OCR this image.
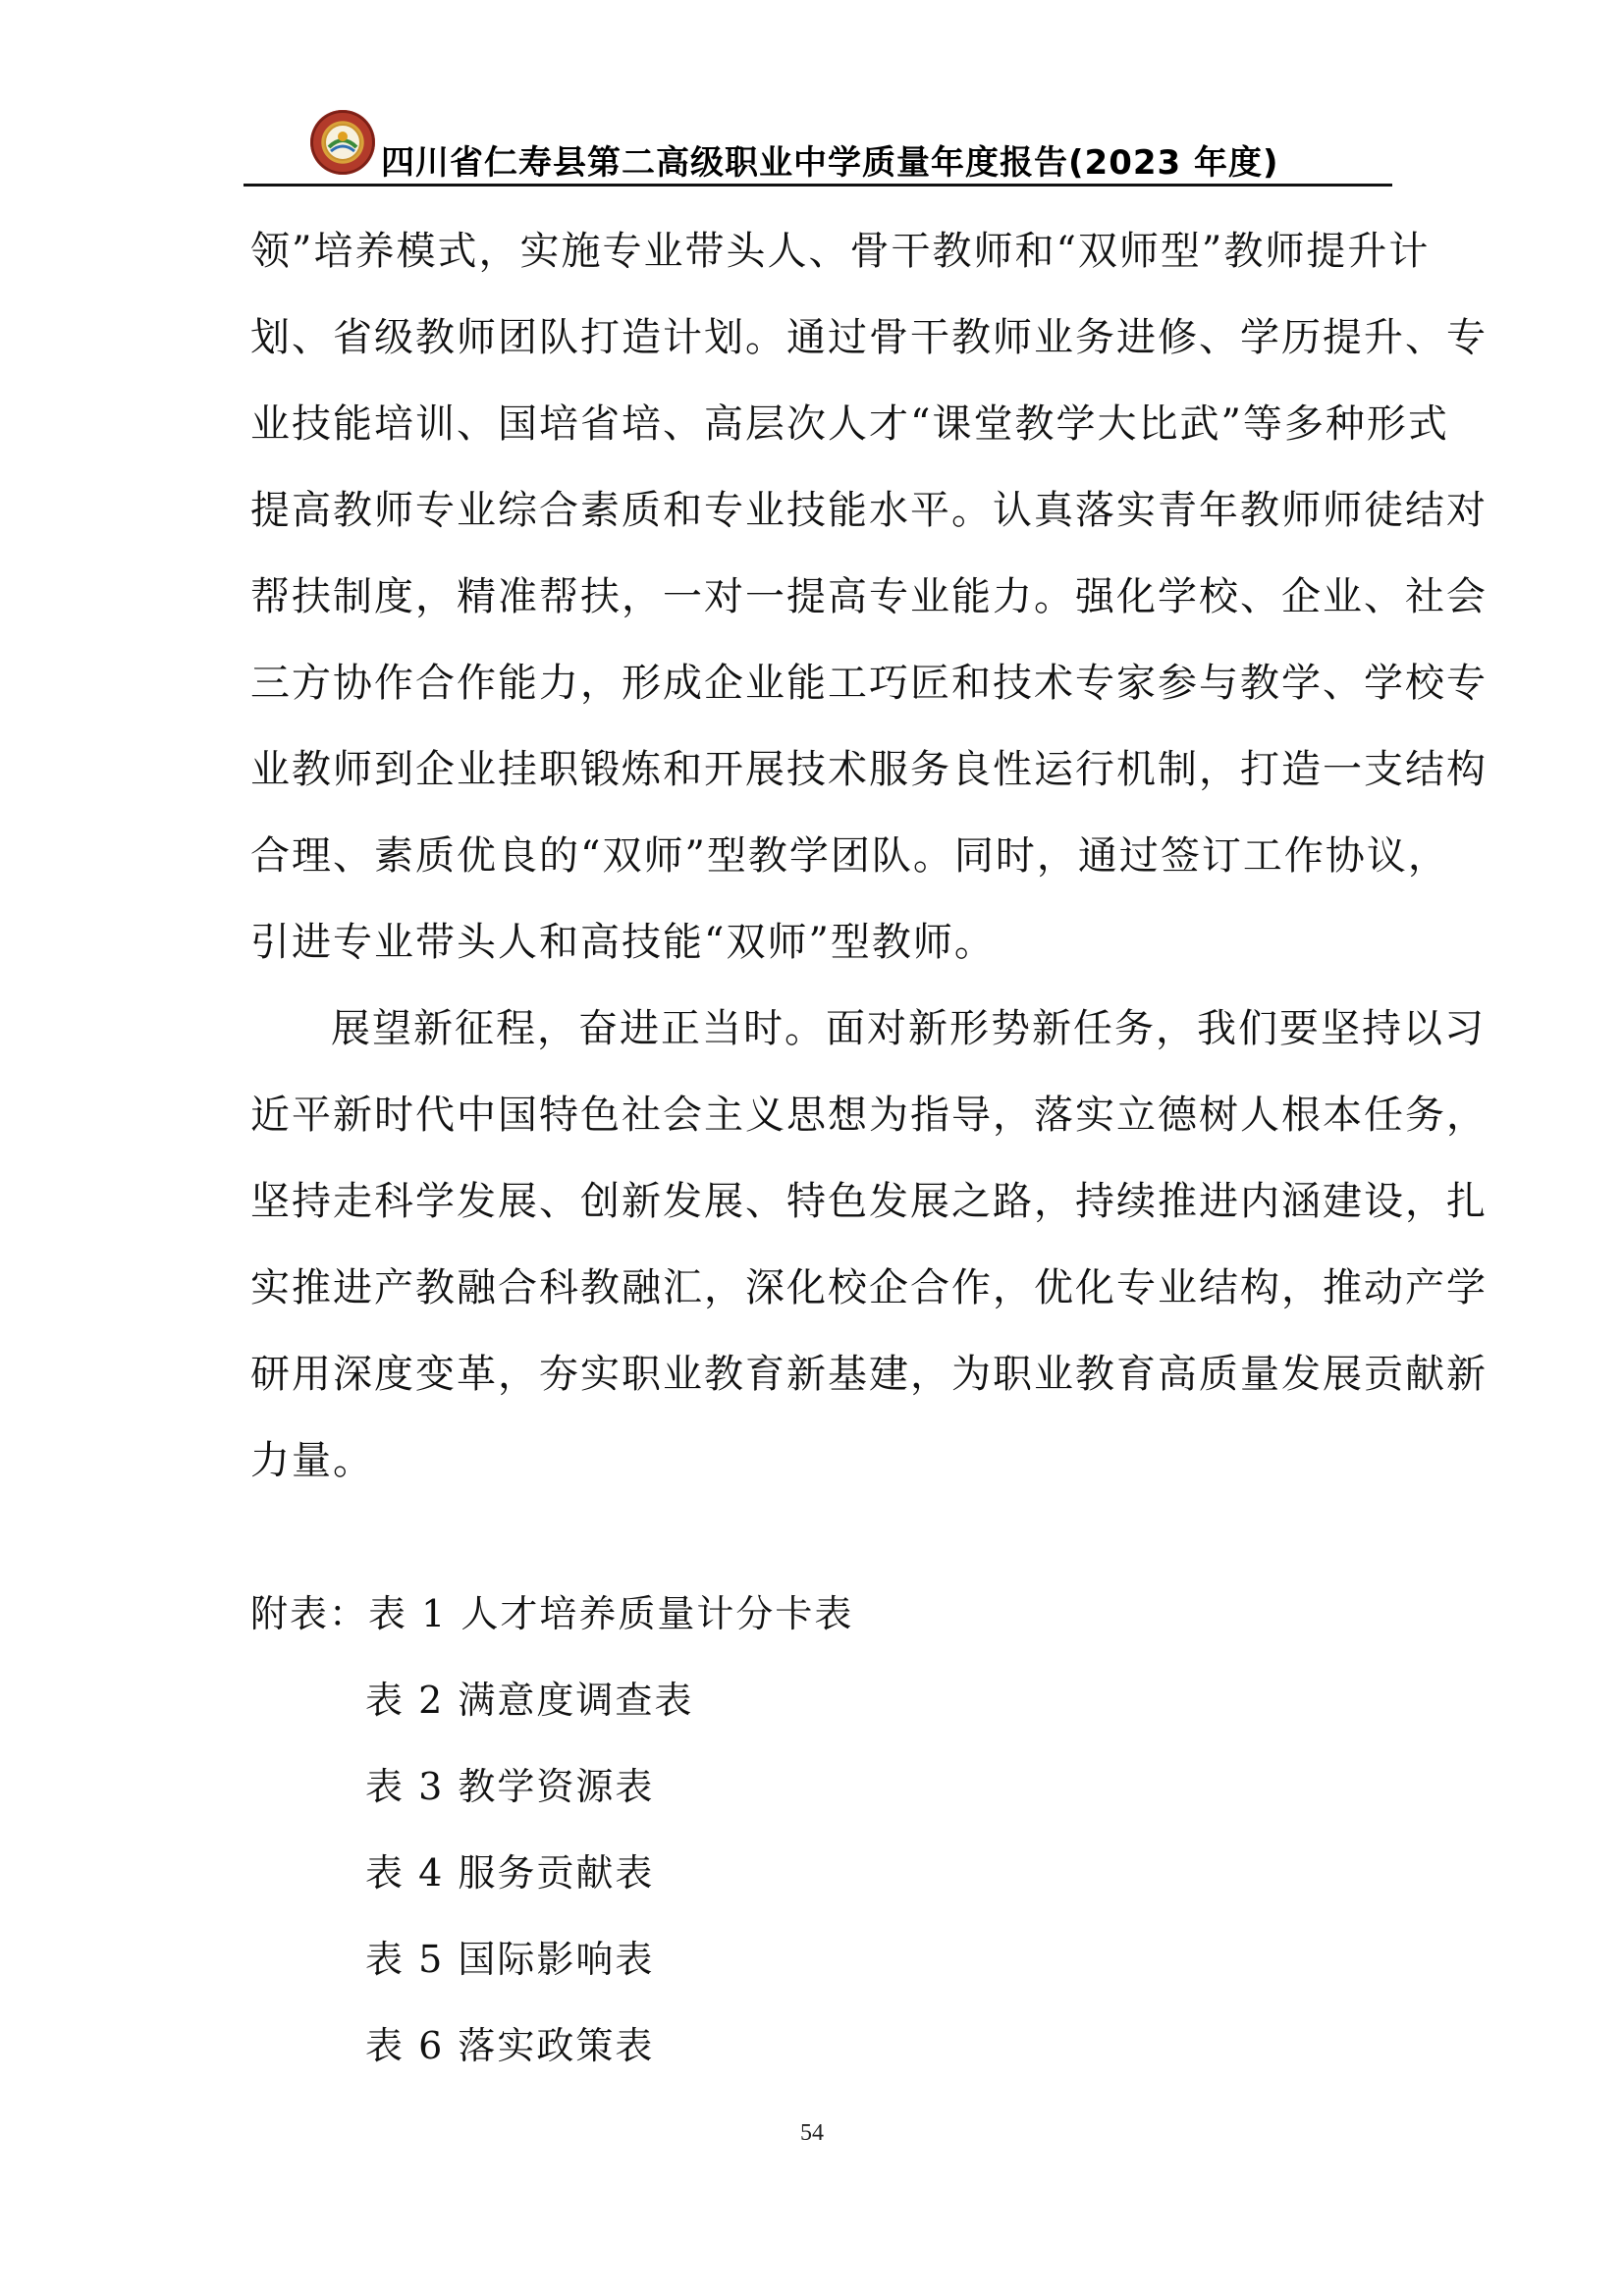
四川省仁寿县第二高级职业中学质量年度报告(2023 年度)
领”培养模式，实施专业带头人、骨干教师和“双师型”教师提升计
划、省级教师团队打造计划。通过骨干教师业务进修、学历提升、专
业技能培训、国培省培、高层次人才“课堂教学大比武”等多种形式
提高教师专业综合素质和专业技能水平。认真落实青年教师师徒结对
帮扶制度，精准帮扶，一对一提高专业能力。强化学校、企业、社会
三方协作合作能力，形成企业能工巧匠和技术专家参与教学、学校专
业教师到企业挂职锻炼和开展技术服务良性运行机制，打造一支结构
合理、素质优良的“双师”型教学团队。同时，通过签订工作协议，
引进专业带头人和高技能“双师”型教师。
展望新征程，奋进正当时。面对新形势新任务，我们要坚持以习
近平新时代中国特色社会主义思想为指导，落实立德树人根本任务，
坚持走科学发展、创新发展、特色发展之路，持续推进内涵建设，扎
实推进产教融合科教融汇，深化校企合作，优化专业结构，推动产学
研用深度变革，夯实职业教育新基建，为职业教育高质量发展贡献新
力量。
附表：表 1 人才培养质量计分卡表
表 2 满意度调查表
表 3 教学资源表
表 4 服务贡献表
表 5 国际影响表
表 6 落实政策表
54
